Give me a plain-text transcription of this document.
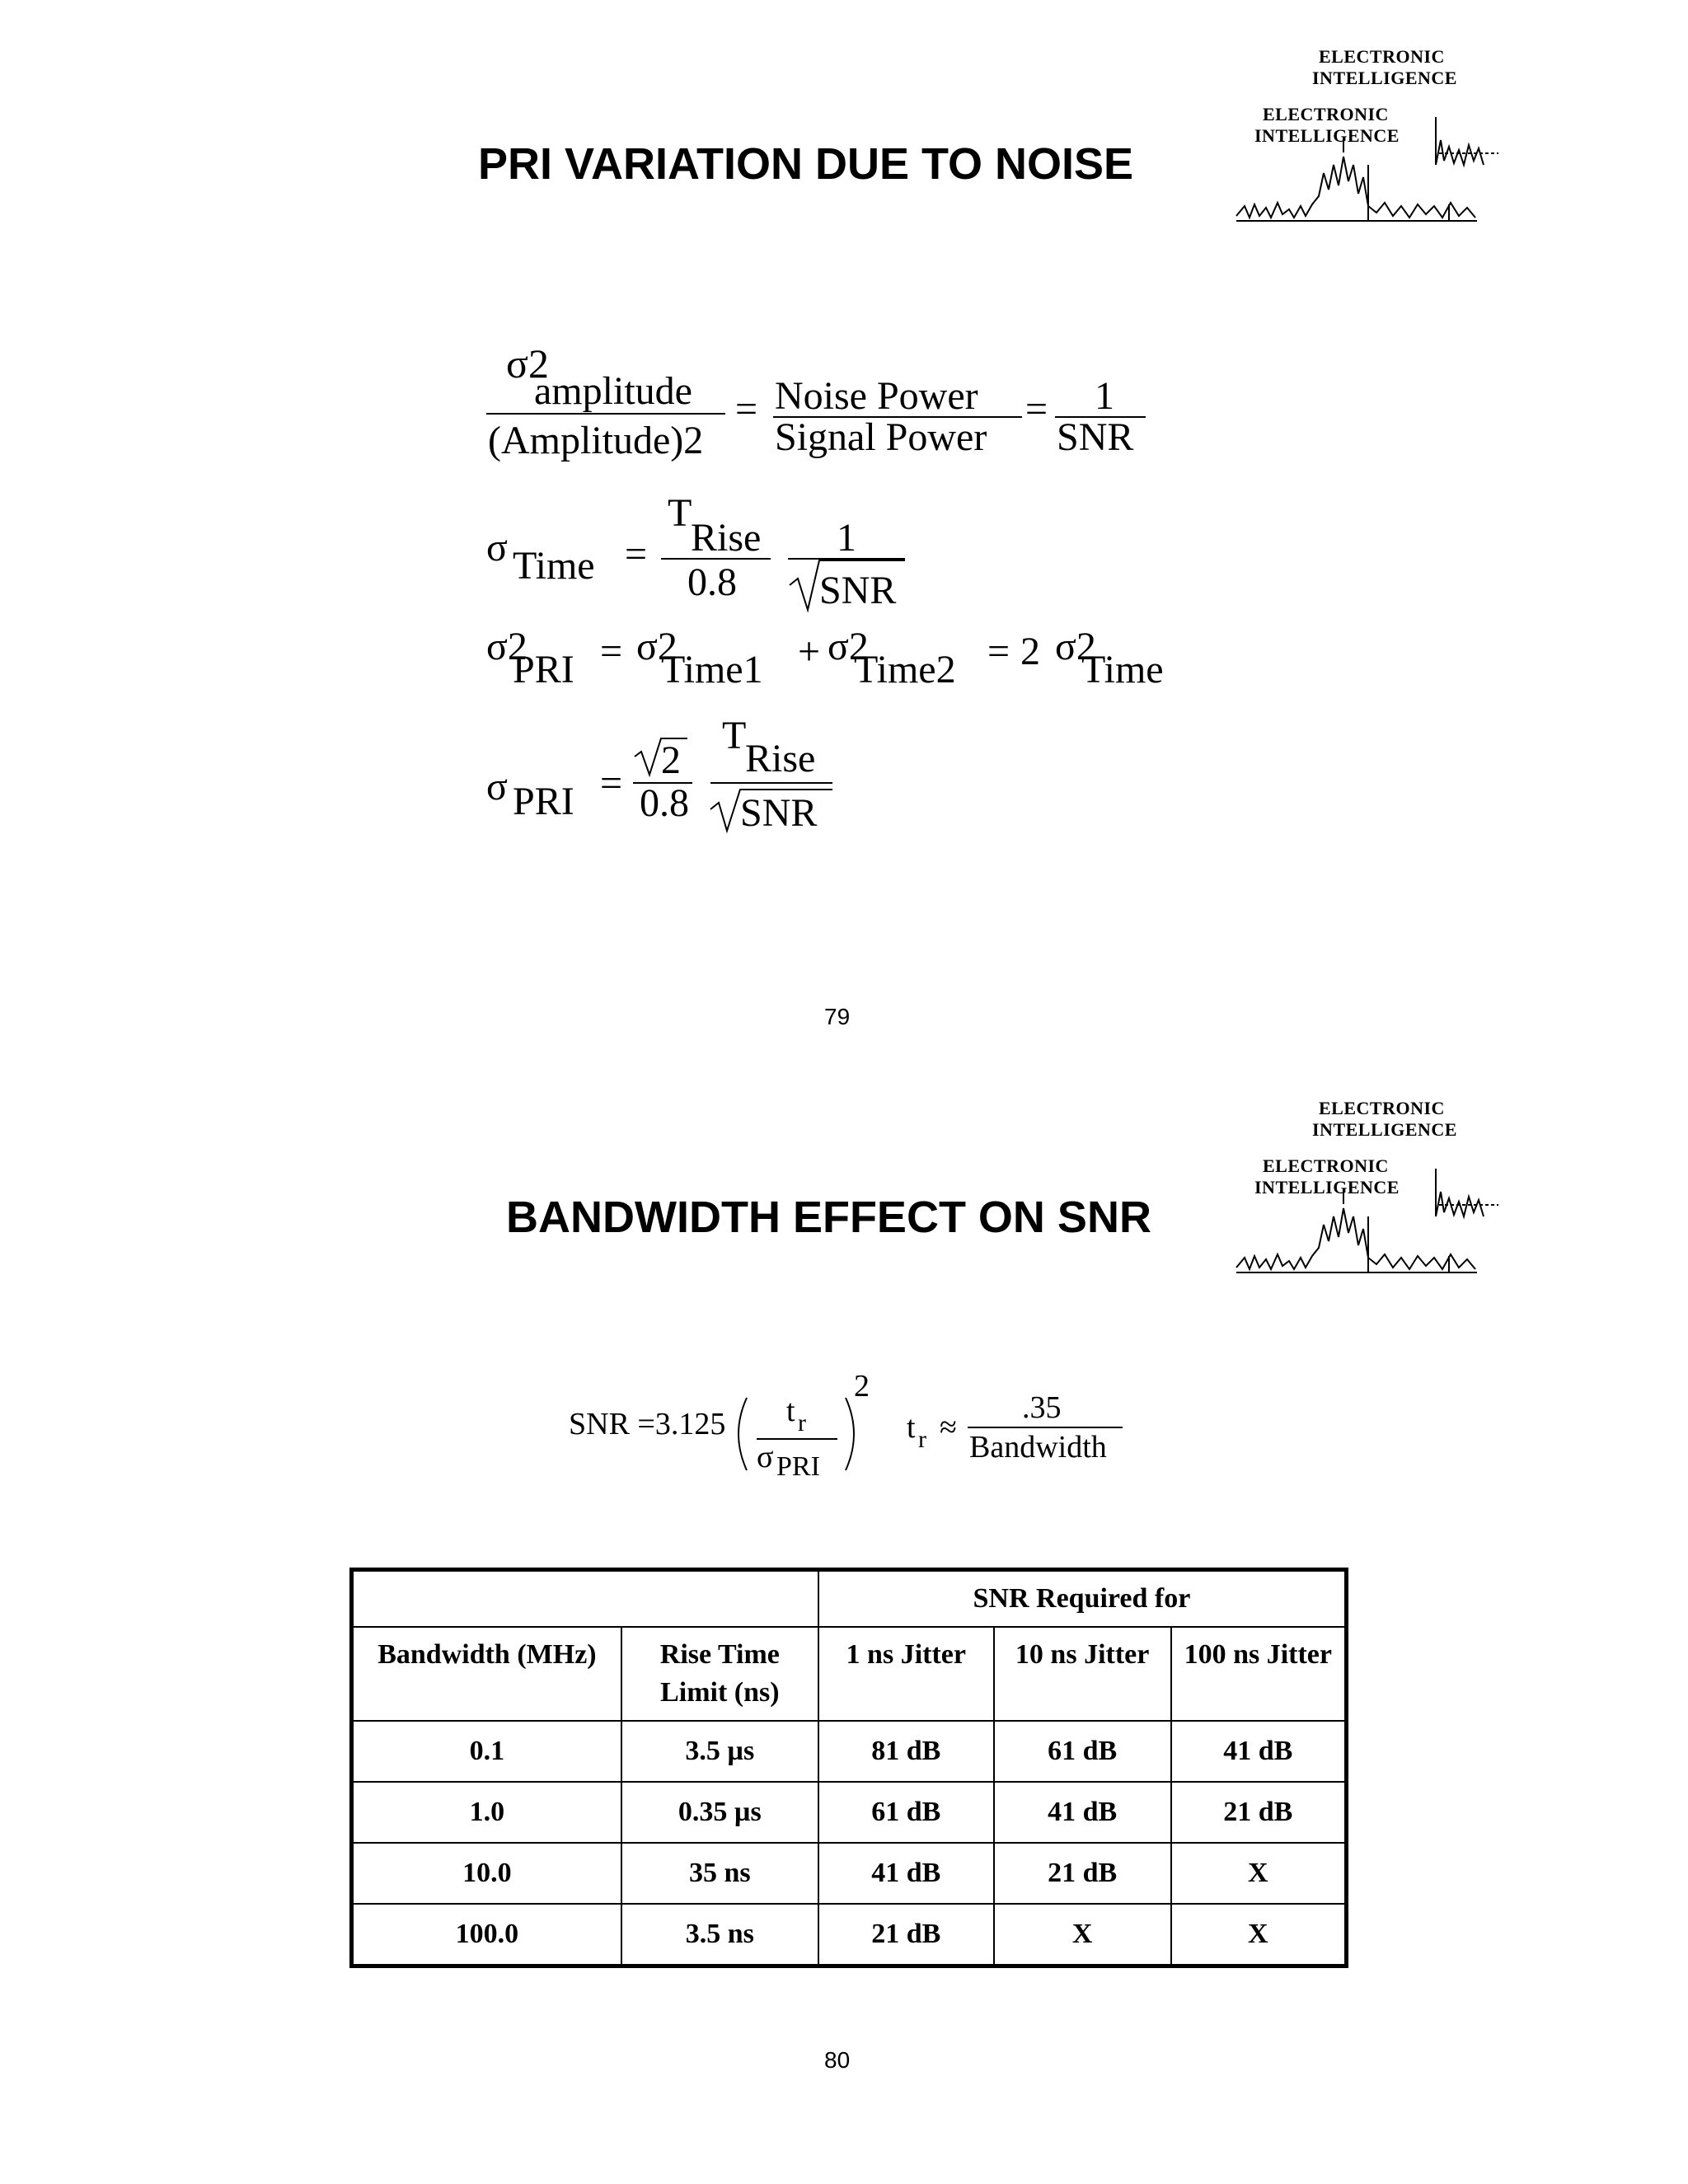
PRI VARIATION DUE TO NOISE
ELECTRONIC
INTELLIGENCE
ELECTRONIC
INTELLIGENCE
σ2
amplitude
(Amplitude)2
= Noise Power
Signal Power
= 1
SNR
σ Time =
T
Rise
0.8
1
SNR
σ2
PRI = σ2
Time1 + σ2
Time2 = 2 σ2
Time
σ PRI =
2
0.8
T
Rise
SNR
79
BANDWIDTH EFFECT ON SNR
ELECTRONIC
INTELLIGENCE
ELECTRONIC
INTELLIGENCE
SNR =3.125 t r
σ PRI
2
t r ≈
.35
Bandwidth
		SNR Required for		
Bandwidth (MHz)	Rise Time Limit (ns)	1 ns Jitter	10 ns Jitter	100 ns Jitter
0.1	3.5 µs	81 dB	61 dB	41 dB
1.0	0.35 µs	61 dB	41 dB	21 dB
10.0	35 ns	41 dB	21 dB	X
100.0	3.5 ns	21 dB	X	X
80
